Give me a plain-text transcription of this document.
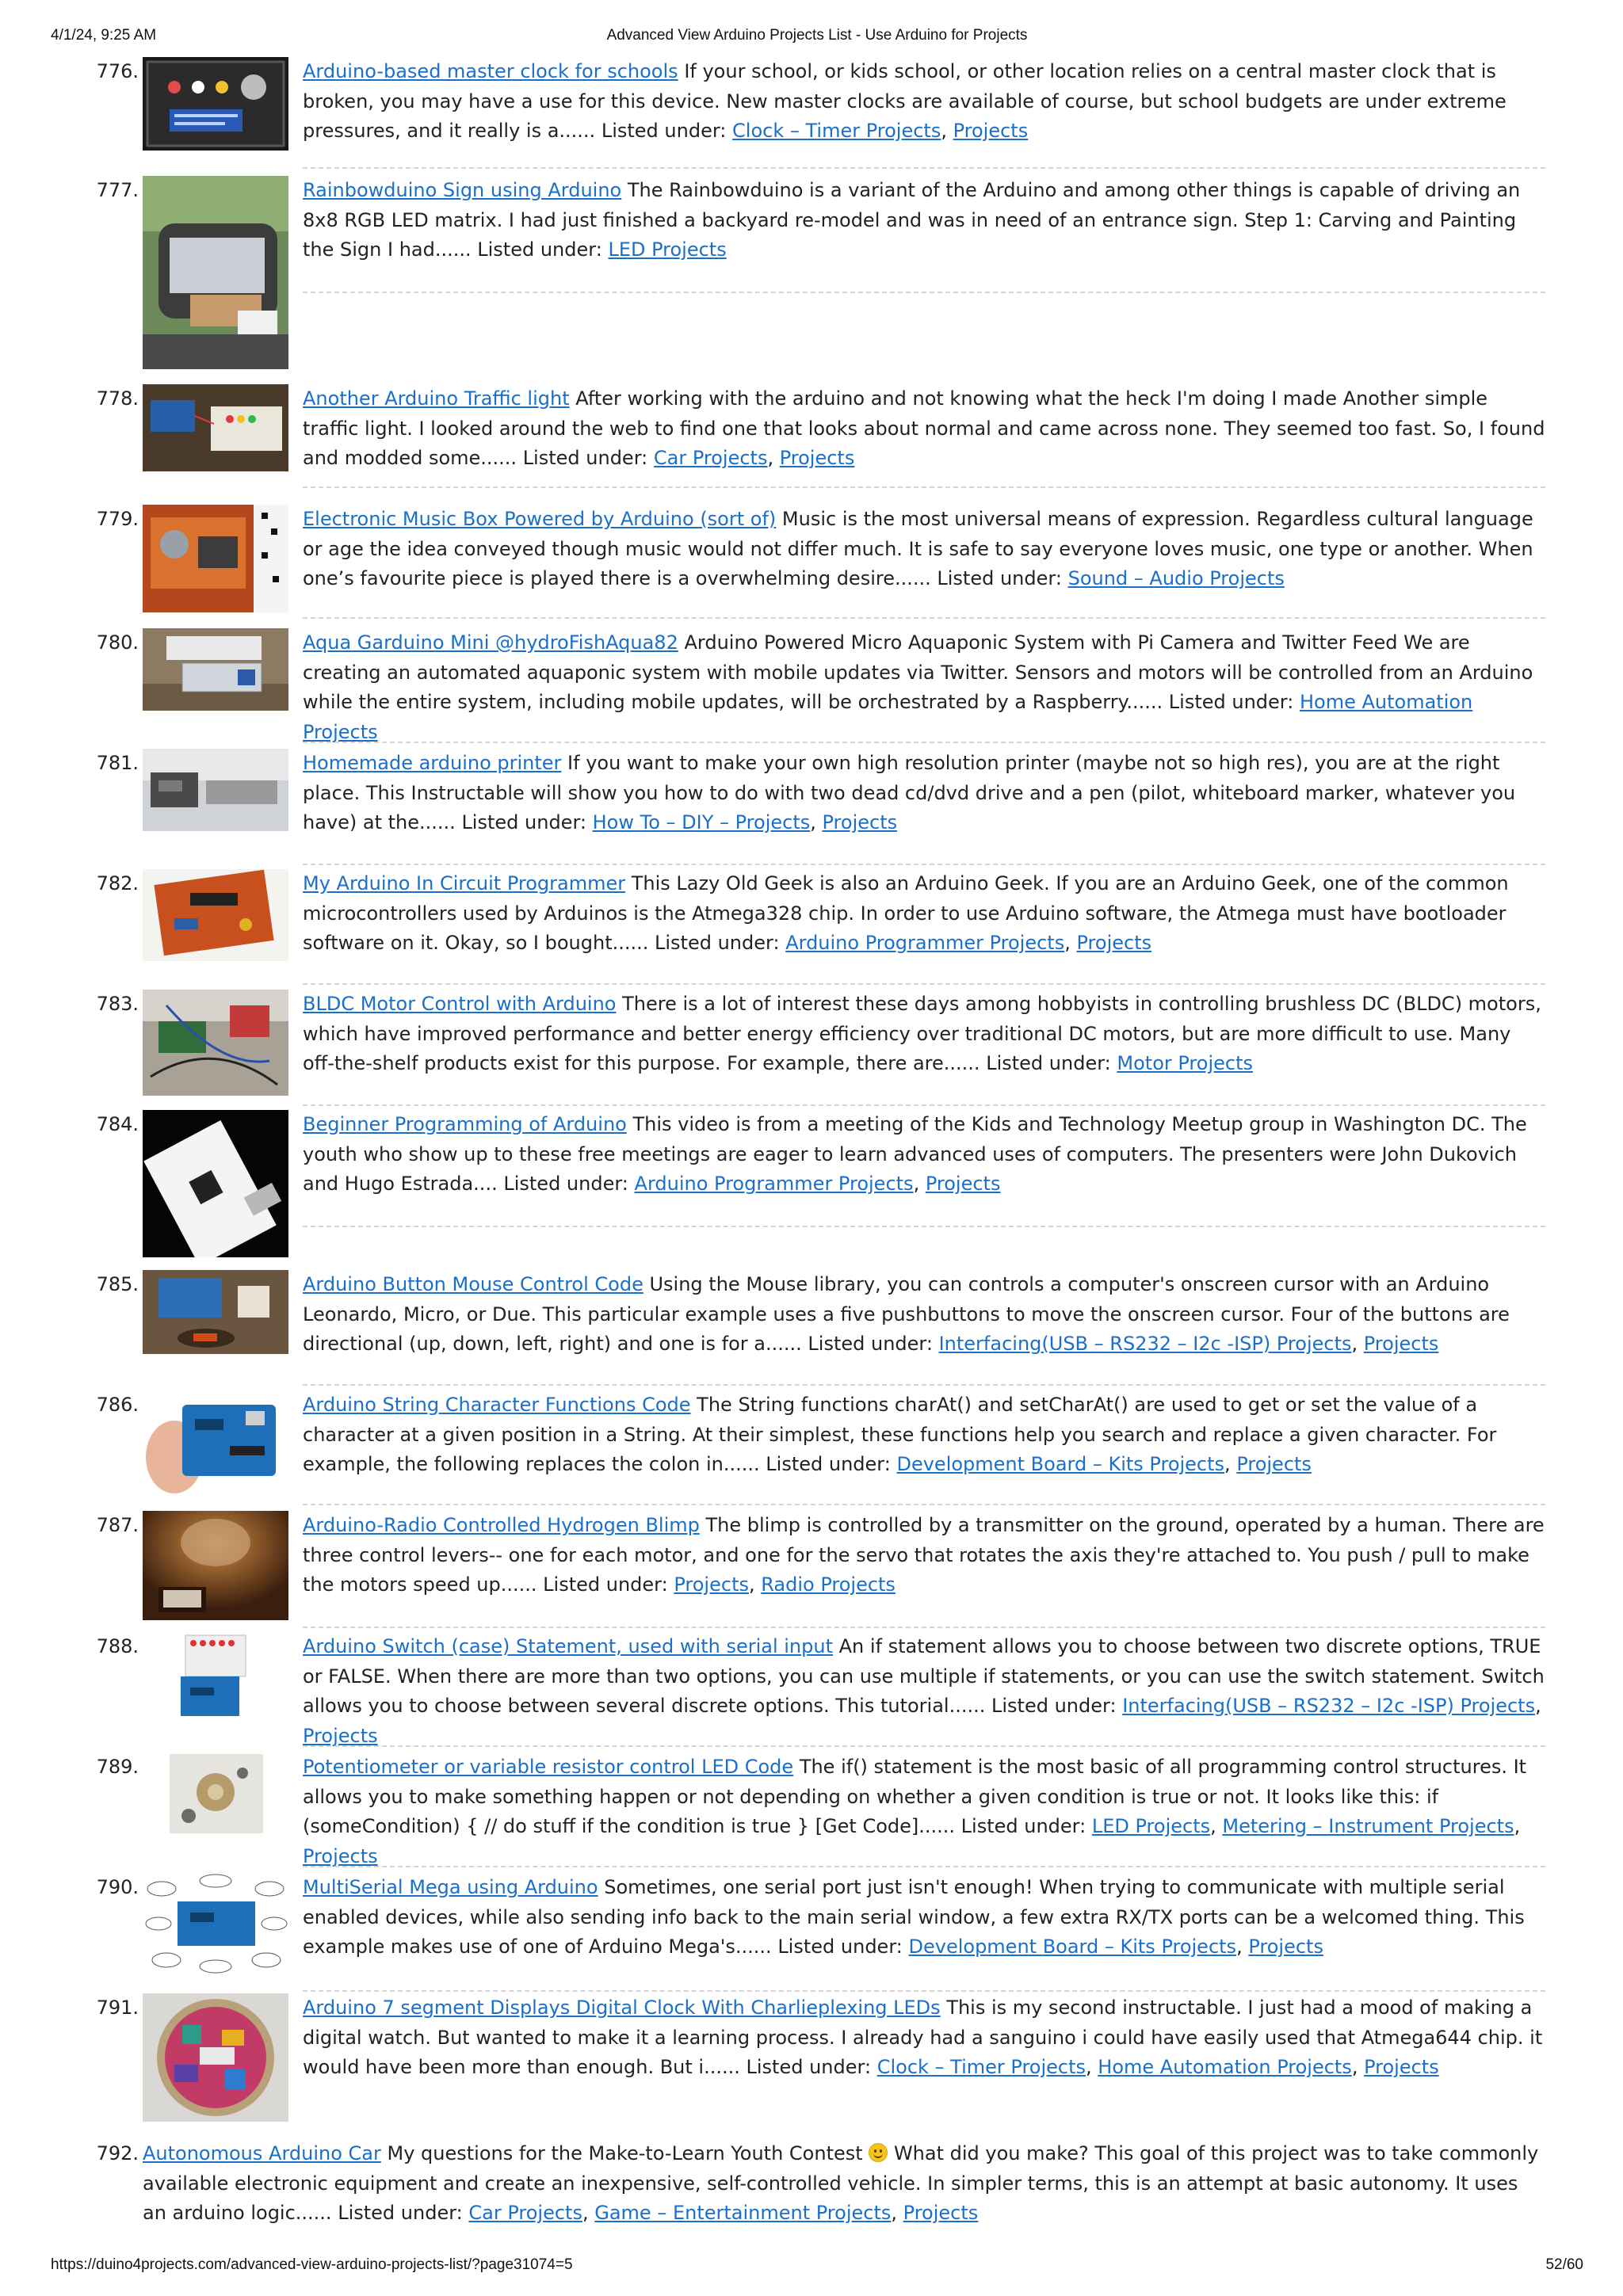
4/1/24, 9:25 AM	Advanced View Arduino Projects List - Use Arduino for Projects
776.	Arduino-based master clock for schools If your school, or kids school, or other location relies on a central master clock that is broken, you may have a use for this device. New master clocks are available of course, but school budgets are under extreme pressures, and it really is a...... Listed under: Clock – Timer Projects, Projects
777.	Rainbowduino Sign using Arduino The Rainbowduino is a variant of the Arduino and among other things is capable of driving an 8x8 RGB LED matrix. I had just finished a backyard re-model and was in need of an entrance sign. Step 1: Carving and Painting the Sign I had...... Listed under: LED Projects
778.	Another Arduino Traffic light After working with the arduino and not knowing what the heck I'm doing I made Another simple traffic light. I looked around the web to find one that looks about normal and came across none. They seemed too fast. So, I found and modded some...... Listed under: Car Projects, Projects
779.	Electronic Music Box Powered by Arduino (sort of) Music is the most universal means of expression. Regardless cultural language or age the idea conveyed though music would not differ much. It is safe to say everyone loves music, one type or another. When one’s favourite piece is played there is a overwhelming desire...... Listed under: Sound – Audio Projects
780.	Aqua Garduino Mini @hydroFishAqua82 Arduino Powered Micro Aquaponic System with Pi Camera and Twitter Feed We are creating an automated aquaponic system with mobile updates via Twitter. Sensors and motors will be controlled from an Arduino while the entire system, including mobile updates, will be orchestrated by a Raspberry...... Listed under: Home Automation Projects
781.	Homemade arduino printer If you want to make your own high resolution printer (maybe not so high res), you are at the right place. This Instructable will show you how to do with two dead cd/dvd drive and a pen (pilot, whiteboard marker, whatever you have) at the...... Listed under: How To – DIY – Projects, Projects
782.	My Arduino In Circuit Programmer This Lazy Old Geek is also an Arduino Geek. If you are an Arduino Geek, one of the common microcontrollers used by Arduinos is the Atmega328 chip. In order to use Arduino software, the Atmega must have bootloader software on it. Okay, so I bought...... Listed under: Arduino Programmer Projects, Projects
783.	BLDC Motor Control with Arduino There is a lot of interest these days among hobbyists in controlling brushless DC (BLDC) motors, which have improved performance and better energy efficiency over traditional DC motors, but are more difficult to use. Many off-the-shelf products exist for this purpose. For example, there are...... Listed under: Motor Projects
784.	Beginner Programming of Arduino This video is from a meeting of the Kids and Technology Meetup group in Washington DC. The youth who show up to these free meetings are eager to learn advanced uses of computers. The presenters were John Dukovich and Hugo Estrada.... Listed under: Arduino Programmer Projects, Projects
785.	Arduino Button Mouse Control Code Using the Mouse library, you can controls a computer's onscreen cursor with an Arduino Leonardo, Micro, or Due. This particular example uses a five pushbuttons to move the onscreen cursor. Four of the buttons are directional (up, down, left, right) and one is for a...... Listed under: Interfacing(USB – RS232 – I2c -ISP) Projects, Projects
786.	Arduino String Character Functions Code The String functions charAt() and setCharAt() are used to get or set the value of a character at a given position in a String. At their simplest, these functions help you search and replace a given character. For example, the following replaces the colon in...... Listed under: Development Board – Kits Projects, Projects
787.	Arduino-Radio Controlled Hydrogen Blimp The blimp is controlled by a transmitter on the ground, operated by a human. There are three control levers-- one for each motor, and one for the servo that rotates the axis they're attached to. You push / pull to make the motors speed up...... Listed under: Projects, Radio Projects
788.	Arduino Switch (case) Statement, used with serial input An if statement allows you to choose between two discrete options, TRUE or FALSE. When there are more than two options, you can use multiple if statements, or you can use the switch statement. Switch allows you to choose between several discrete options. This tutorial...... Listed under: Interfacing(USB – RS232 – I2c -ISP) Projects, Projects
789.	Potentiometer or variable resistor control LED Code The if() statement is the most basic of all programming control structures. It allows you to make something happen or not depending on whether a given condition is true or not. It looks like this: if (someCondition) { // do stuff if the condition is true } [Get Code]...... Listed under: LED Projects, Metering – Instrument Projects, Projects
790.	MultiSerial Mega using Arduino Sometimes, one serial port just isn't enough! When trying to communicate with multiple serial enabled devices, while also sending info back to the main serial window, a few extra RX/TX ports can be a welcomed thing. This example makes use of one of Arduino Mega's...... Listed under: Development Board – Kits Projects, Projects
791.	Arduino 7 segment Displays Digital Clock With Charlieplexing LEDs This is my second instructable. I just had a mood of making a digital watch. But wanted to make it a learning process. I already had a sanguino i could have easily used that Atmega644 chip. it would have been more than enough. But i...... Listed under: Clock – Timer Projects, Home Automation Projects, Projects
792. Autonomous Arduino Car My questions for the Make-to-Learn Youth Contest What did you make? This goal of this project was to take commonly available electronic equipment and create an inexpensive, self-controlled vehicle. In simpler terms, this is an attempt at basic autonomy. It uses an arduino logic...... Listed under: Car Projects, Game – Entertainment Projects, Projects
https://duino4projects.com/advanced-view-arduino-projects-list/?page31074=5	52/60
